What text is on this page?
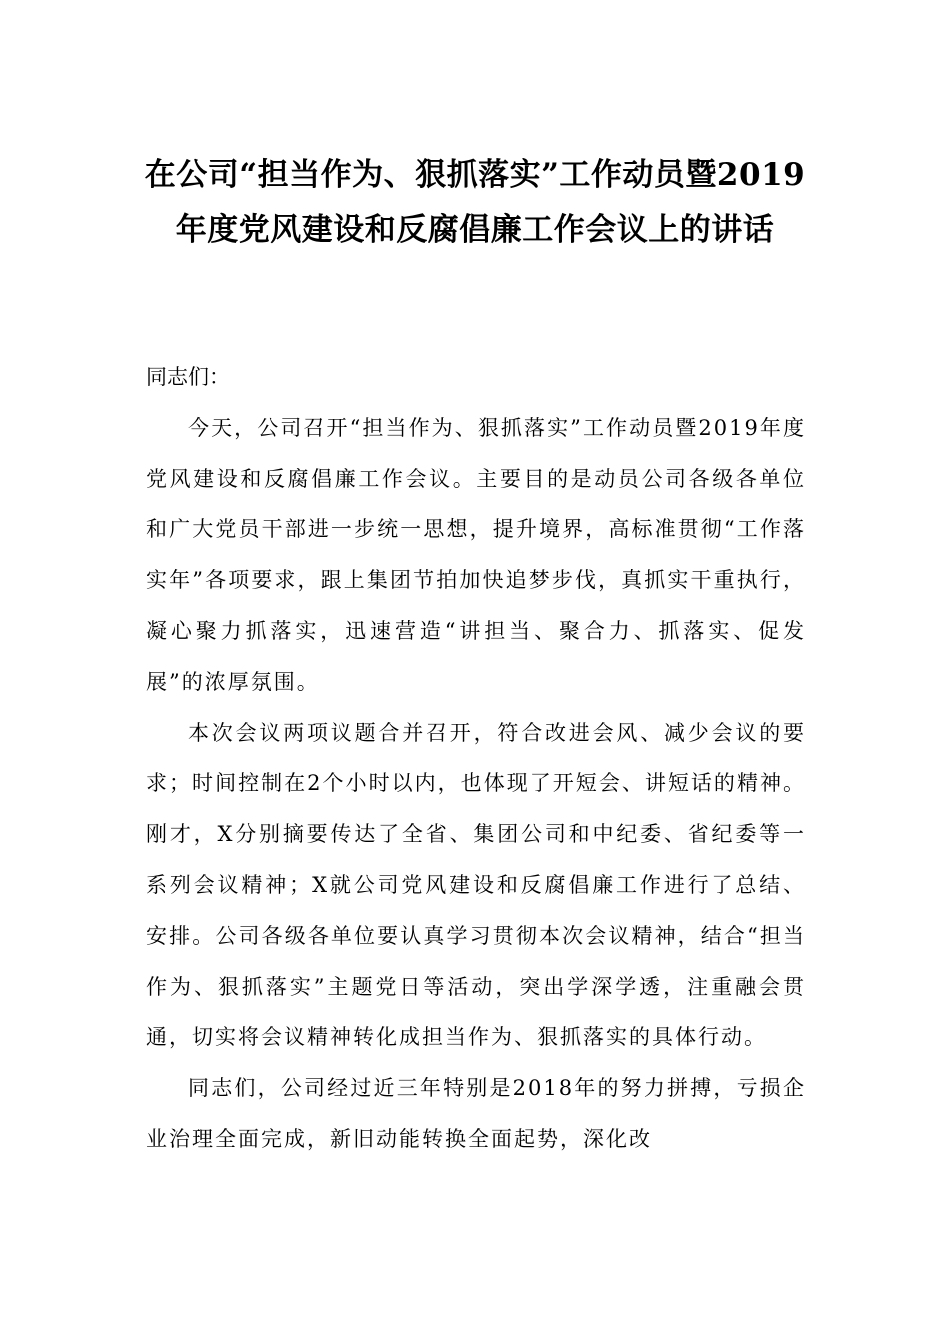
在公司“担当作为、狠抓落实”工作动员暨2019年度党风建设和反腐倡廉工作会议上的讲话

同志们：

今天，公司召开“担当作为、狠抓落实”工作动员暨2019年度党风建设和反腐倡廉工作会议。主要目的是动员公司各级各单位和广大党员干部进一步统一思想，提升境界，高标准贯彻“工作落实年”各项要求，跟上集团节拍加快追梦步伐，真抓实干重执行，凝心聚力抓落实，迅速营造“讲担当、聚合力、抓落实、促发展”的浓厚氛围。

本次会议两项议题合并召开，符合改进会风、减少会议的要求；时间控制在2个小时以内，也体现了开短会、讲短话的精神。刚才，X分别摘要传达了全省、集团公司和中纪委、省纪委等一系列会议精神；X就公司党风建设和反腐倡廉工作进行了总结、安排。公司各级各单位要认真学习贯彻本次会议精神，结合“担当作为、狠抓落实”主题党日等活动，突出学深学透，注重融会贯通，切实将会议精神转化成担当作为、狠抓落实的具体行动。

同志们，公司经过近三年特别是2018年的努力拼搏，亏损企业治理全面完成，新旧动能转换全面起势，深化改
